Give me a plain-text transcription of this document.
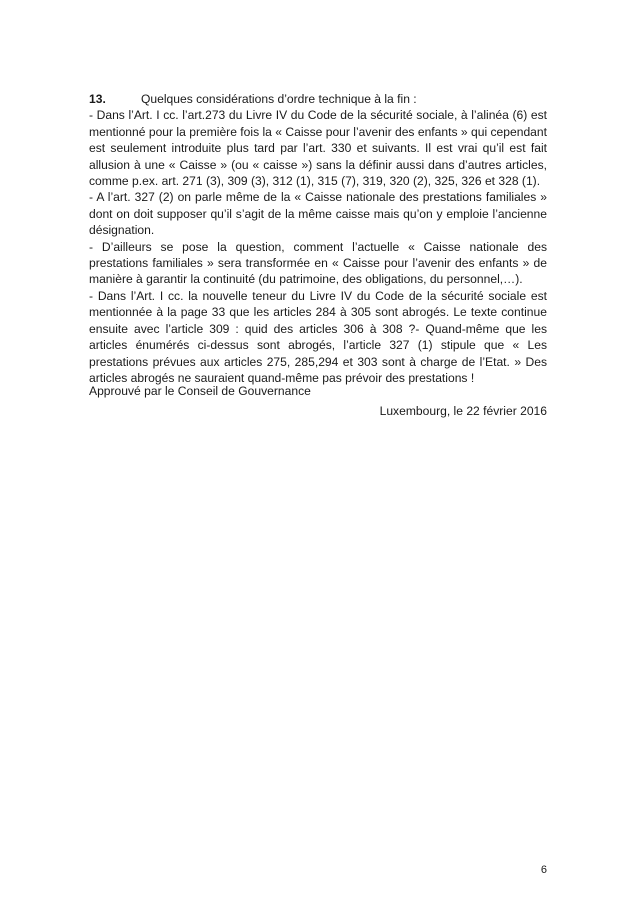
13.	Quelques considérations d’ordre technique à la fin :

- Dans l’Art. I cc. l’art.273 du Livre IV du Code de la sécurité sociale, à l’alinéa (6) est mentionné pour la première fois la « Caisse pour l’avenir des enfants » qui cependant est seulement introduite plus tard par l’art. 330 et suivants. Il est vrai qu’il est fait allusion à une « Caisse » (ou « caisse ») sans la définir aussi dans d’autres articles, comme p.ex. art. 271 (3), 309 (3), 312 (1), 315 (7), 319, 320 (2), 325, 326 et 328 (1).

- A l’art. 327 (2) on parle même de la « Caisse nationale des prestations familiales » dont on doit supposer qu’il s’agit de la même caisse mais qu’on y emploie l’ancienne désignation.

- D’ailleurs se pose la question, comment l’actuelle « Caisse nationale des prestations familiales » sera transformée en « Caisse pour l’avenir des enfants » de manière à garantir la continuité (du patrimoine, des obligations, du personnel,…).

- Dans l’Art. I cc. la nouvelle teneur du Livre IV du Code de la sécurité sociale est mentionnée à la page 33 que les articles 284 à 305 sont abrogés. Le texte continue ensuite avec l’article 309 : quid des articles 306 à 308 ?- Quand-même que les articles énumérés ci-dessus sont abrogés, l’article 327 (1) stipule que « Les prestations prévues aux articles 275, 285,294 et 303 sont à charge de l’Etat. » Des articles abrogés ne sauraient quand-même pas prévoir des prestations !

Approuvé par le Conseil de Gouvernance
Luxembourg, le 22 février 2016
6
